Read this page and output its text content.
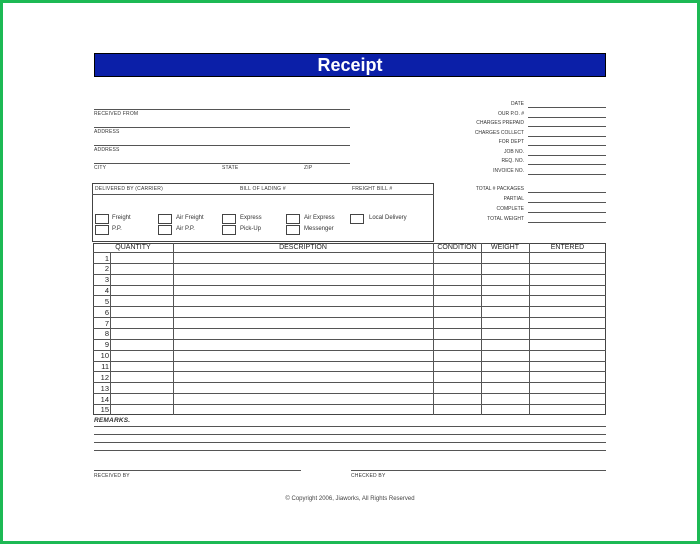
Receipt
RECEIVED FROM
ADDRESS
ADDRESS
CITY	STATE	ZIP
DATE
OUR P.O. #
CHARGES PREPAID
CHARGES COLLECT
FOR DEPT
JOB NO.
REQ. NO.
INVOICE NO.
DELIVERED BY (CARRIER)	BILL OF LADING #	FREIGHT BILL #
Freight
P.P.
Air Freight
Air P.P.
Express
Pick-Up
Air Express
Messenger
Local Delivery
TOTAL # PACKAGES
PARTIAL
COMPLETE
TOTAL WEIGHT
QUANTITY	DESCRIPTION	CONDITION	WEIGHT	ENTERED
1
2
3
4
5
6
7
8
9
10
11
12
13
14
15
REMARKS.
RECEIVED BY	CHECKED BY
© Copyright 2006, Jiaworks, All Rights Reserved
